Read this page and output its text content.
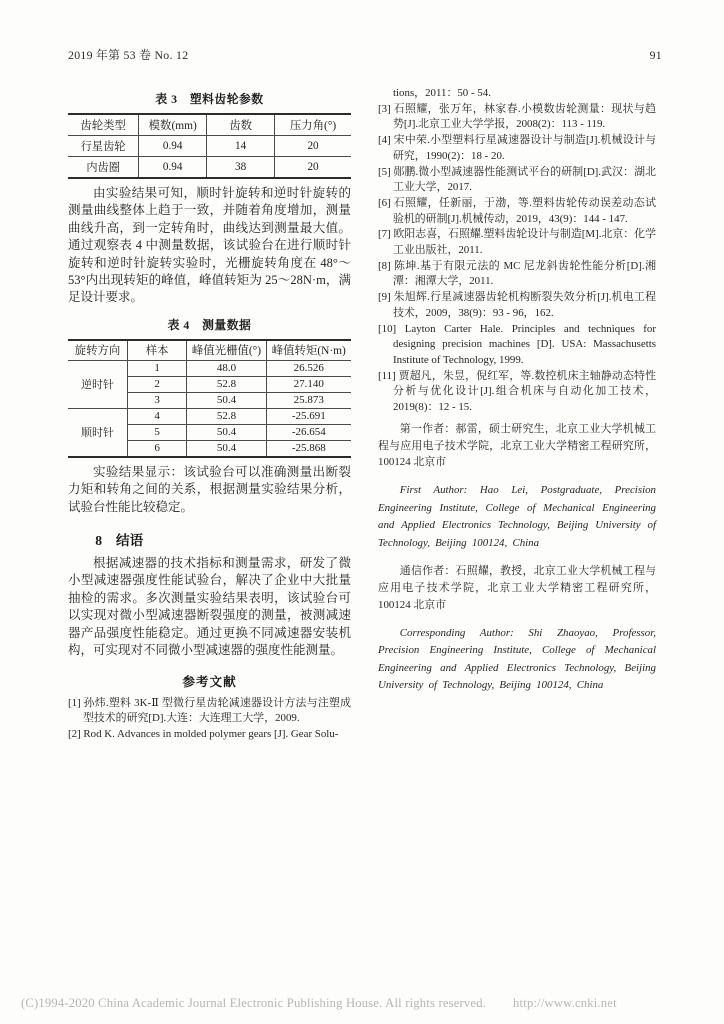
2019 年第 53 卷 No. 12	91
表 3　塑料齿轮参数
齿轮类型	模数(mm)	齿数	压力角(°)
行星齿轮	0.94	14	20
内齿圈	0.94	38	20

由实验结果可知，顺时针旋转和逆时针旋转的测量曲线整体上趋于一致，并随着角度增加，测量曲线升高，到一定转角时，曲线达到测量最大值。通过观察表 4 中测量数据，该试验台在进行顺时针旋转和逆时针旋转实验时，光栅旋转角度在 48°～53°内出现转矩的峰值，峰值转矩为 25～28N·m，满足设计要求。

表 4　测量数据
旋转方向	样本	峰值光栅值(°)	峰值转矩(N·m)
逆时针	1	48.0	26.526
	2	52.8	27.140
	3	50.4	25.873
顺时针	4	52.8	-25.691
	5	50.4	-26.654
	6	50.4	-25.868

实验结果显示：该试验台可以准确测量出断裂力矩和转角之间的关系，根据测量实验结果分析，试验台性能比较稳定。

8 结语

根据减速器的技术指标和测量需求，研发了微小型减速器强度性能试验台，解决了企业中大批量抽检的需求。多次测量实验结果表明，该试验台可以实现对微小型减速器断裂强度的测量，被测减速器产品强度性能稳定。通过更换不同减速器安装机构，可实现对不同微小型减速器的强度性能测量。

参考文献
[1] 孙炜.塑料 3K-Ⅱ 型微行星齿轮减速器设计方法与注塑成型技术的研究[D].大连：大连理工大学，2009.
[2] Rod K. Advances in molded polymer gears [J]. Gear Solu-
tions，2011：50 - 54.
[3] 石照耀，张万年，林家春.小模数齿轮测量：现状与趋势[J].北京工业大学学报，2008(2)：113 - 119.
[4] 宋中荣.小型塑料行星减速器设计与制造[J].机械设计与研究，1990(2)：18 - 20.
[5] 郧鹏.微小型减速器性能测试平台的研制[D].武汉：湖北工业大学，2017.
[6] 石照耀，任新丽，于渤，等.塑料齿轮传动误差动态试验机的研制[J].机械传动，2019，43(9)：144 - 147.
[7] 欧阳志喜，石照耀.塑料齿轮设计与制造[M].北京：化学工业出版社，2011.
[8] 陈坤.基于有限元法的 MC 尼龙斜齿轮性能分析[D].湘潭：湘潭大学，2011.
[9] 朱旭辉.行星减速器齿轮机构断裂失效分析[J].机电工程技术，2009，38(9)：93 - 96，162.
[10] Layton Carter Hale. Principles and techniques for designing precision machines [D]. USA: Massachusetts Institute of Technology, 1999.
[11] 贾超凡，朱昱，倪红军，等.数控机床主轴静动态特性分析与优化设计[J].组合机床与自动化加工技术，2019(8)：12 - 15.

第一作者：郝雷，硕士研究生，北京工业大学机械工程与应用电子技术学院，北京工业大学精密工程研究所，100124 北京市

First Author: Hao Lei, Postgraduate, Precision Engineering Institute, College of Mechanical Engineering and Applied Electronics Technology, Beijing University of Technology, Beijing 100124, China

通信作者：石照耀，教授，北京工业大学机械工程与应用电子技术学院，北京工业大学精密工程研究所，100124 北京市

Corresponding Author: Shi Zhaoyao, Professor, Precision Engineering Institute, College of Mechanical Engineering and Applied Electronics Technology, Beijing University of Technology, Beijing 100124, China

(C)1994-2020 China Academic Journal Electronic Publishing House. All rights reserved. http://www.cnki.net
